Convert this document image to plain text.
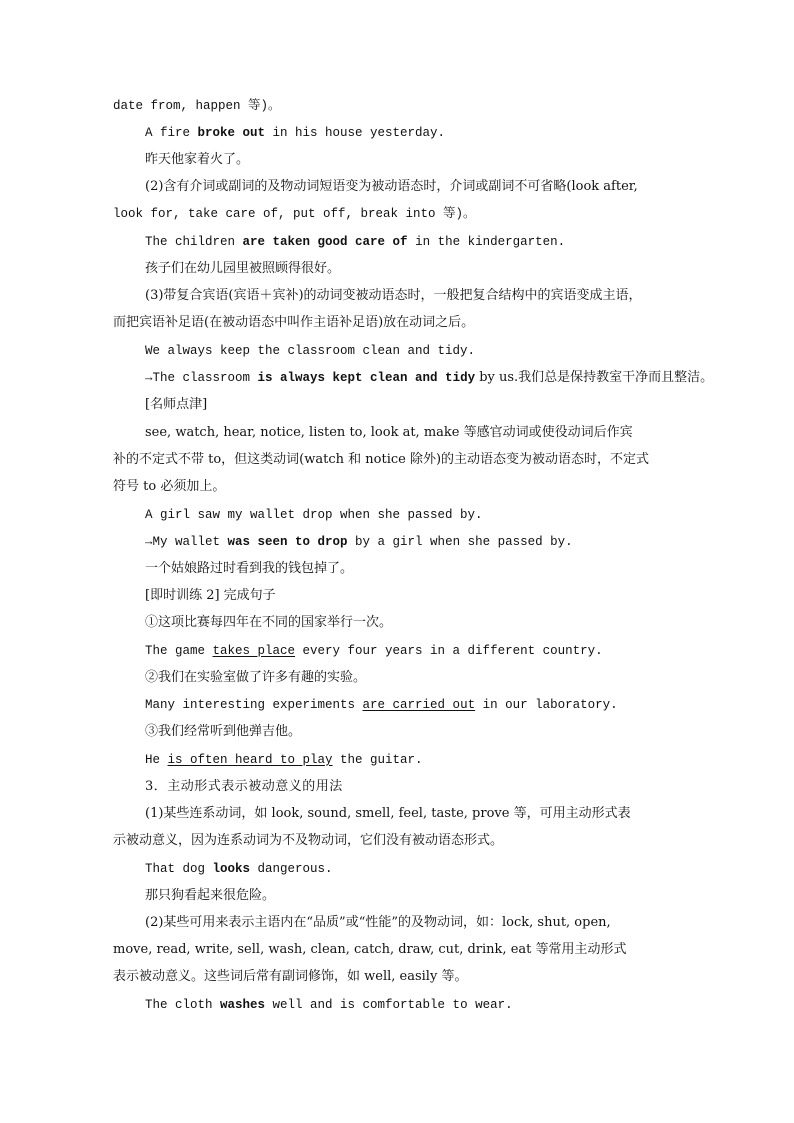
date from, happen 等)。
A fire broke out in his house yesterday.
昨天他家着火了。
(2)含有介词或副词的及物动词短语变为被动语态时，介词或副词不可省略(look after,
look for, take care of, put off, break into 等)。
The children are taken good care of in the kindergarten.
孩子们在幼儿园里被照顾得很好。
(3)带复合宾语(宾语＋宾补)的动词变被动语态时，一般把复合结构中的宾语变成主语，
而把宾语补足语(在被动语态中叫作主语补足语)放在动词之后。
We always keep the classroom clean and tidy.
→The classroom is always kept clean and tidy by us.我们总是保持教室干净而且整洁。
[名师点津]
see, watch, hear, notice, listen to, look at, make 等感官动词或使役动词后作宾
补的不定式不带 to，但这类动词(watch 和 notice 除外)的主动语态变为被动语态时，不定式
符号 to 必须加上。
A girl saw my wallet drop when she passed by.
→My wallet was seen to drop by a girl when she passed by.
一个姑娘路过时看到我的钱包掉了。
[即时训练 2] 完成句子
①这项比赛每四年在不同的国家举行一次。
The game takes place every four years in a different country.
②我们在实验室做了许多有趣的实验。
Many interesting experiments are carried out in our laboratory.
③我们经常听到他弹吉他。
He is often heard to play the guitar.
3．主动形式表示被动意义的用法
(1)某些连系动词，如 look, sound, smell, feel, taste, prove 等，可用主动形式表
示被动意义，因为连系动词为不及物动词，它们没有被动语态形式。
That dog looks dangerous.
那只狗看起来很危险。
(2)某些可用来表示主语内在“品质”或“性能”的及物动词，如：lock, shut, open,
move, read, write, sell, wash, clean, catch, draw, cut, drink, eat 等常用主动形式
表示被动意义。这些词后常有副词修饰，如 well, easily 等。
The cloth washes well and is comfortable to wear.
